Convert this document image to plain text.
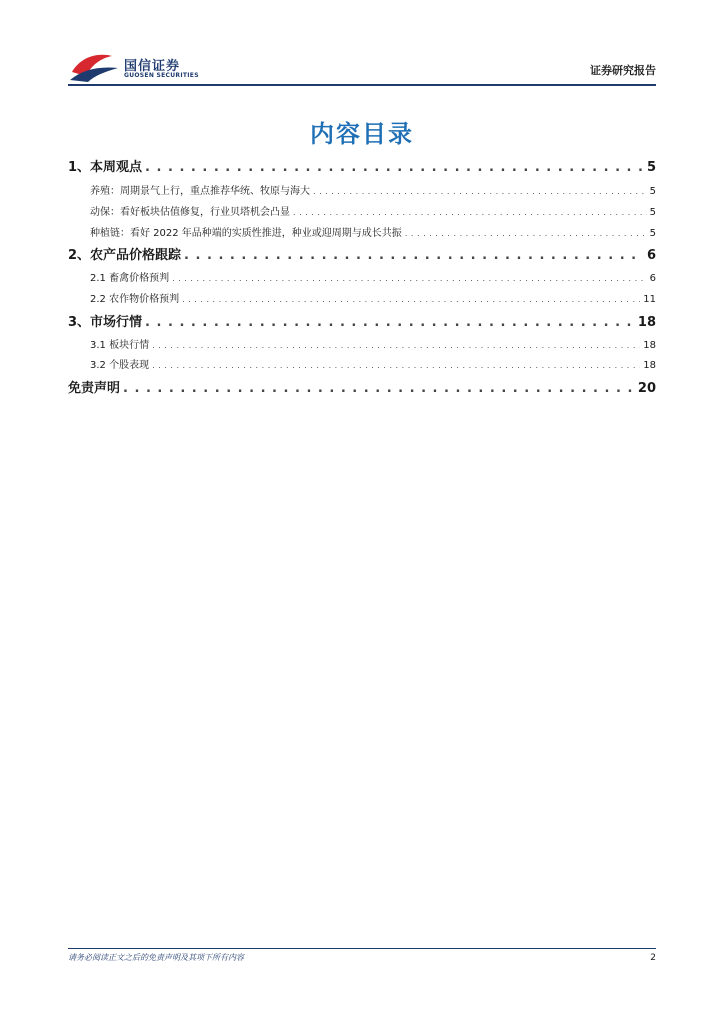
国信证券
GUOSEN SECURITIES	证券研究报告
内容目录
1、本周观点 . . .	5
养殖：周期景气上行，重点推荐华统、牧原与海大 . . .	5
动保：看好板块估值修复，行业贝塔机会凸显 . . .	5
种植链：看好 2022 年品种端的实质性推进，种业或迎周期与成长共振 . . .	5
2、农产品价格跟踪 . . .	6
2.1 畜禽价格预判 . . .	6
2.2 农作物价格预判 . . .	11
3、市场行情 . . .	18
3.1 板块行情 . . .	18
3.2 个股表现 . . .	18
免责声明 . . .	20
请务必阅读正文之后的免责声明及其项下所有内容	2
